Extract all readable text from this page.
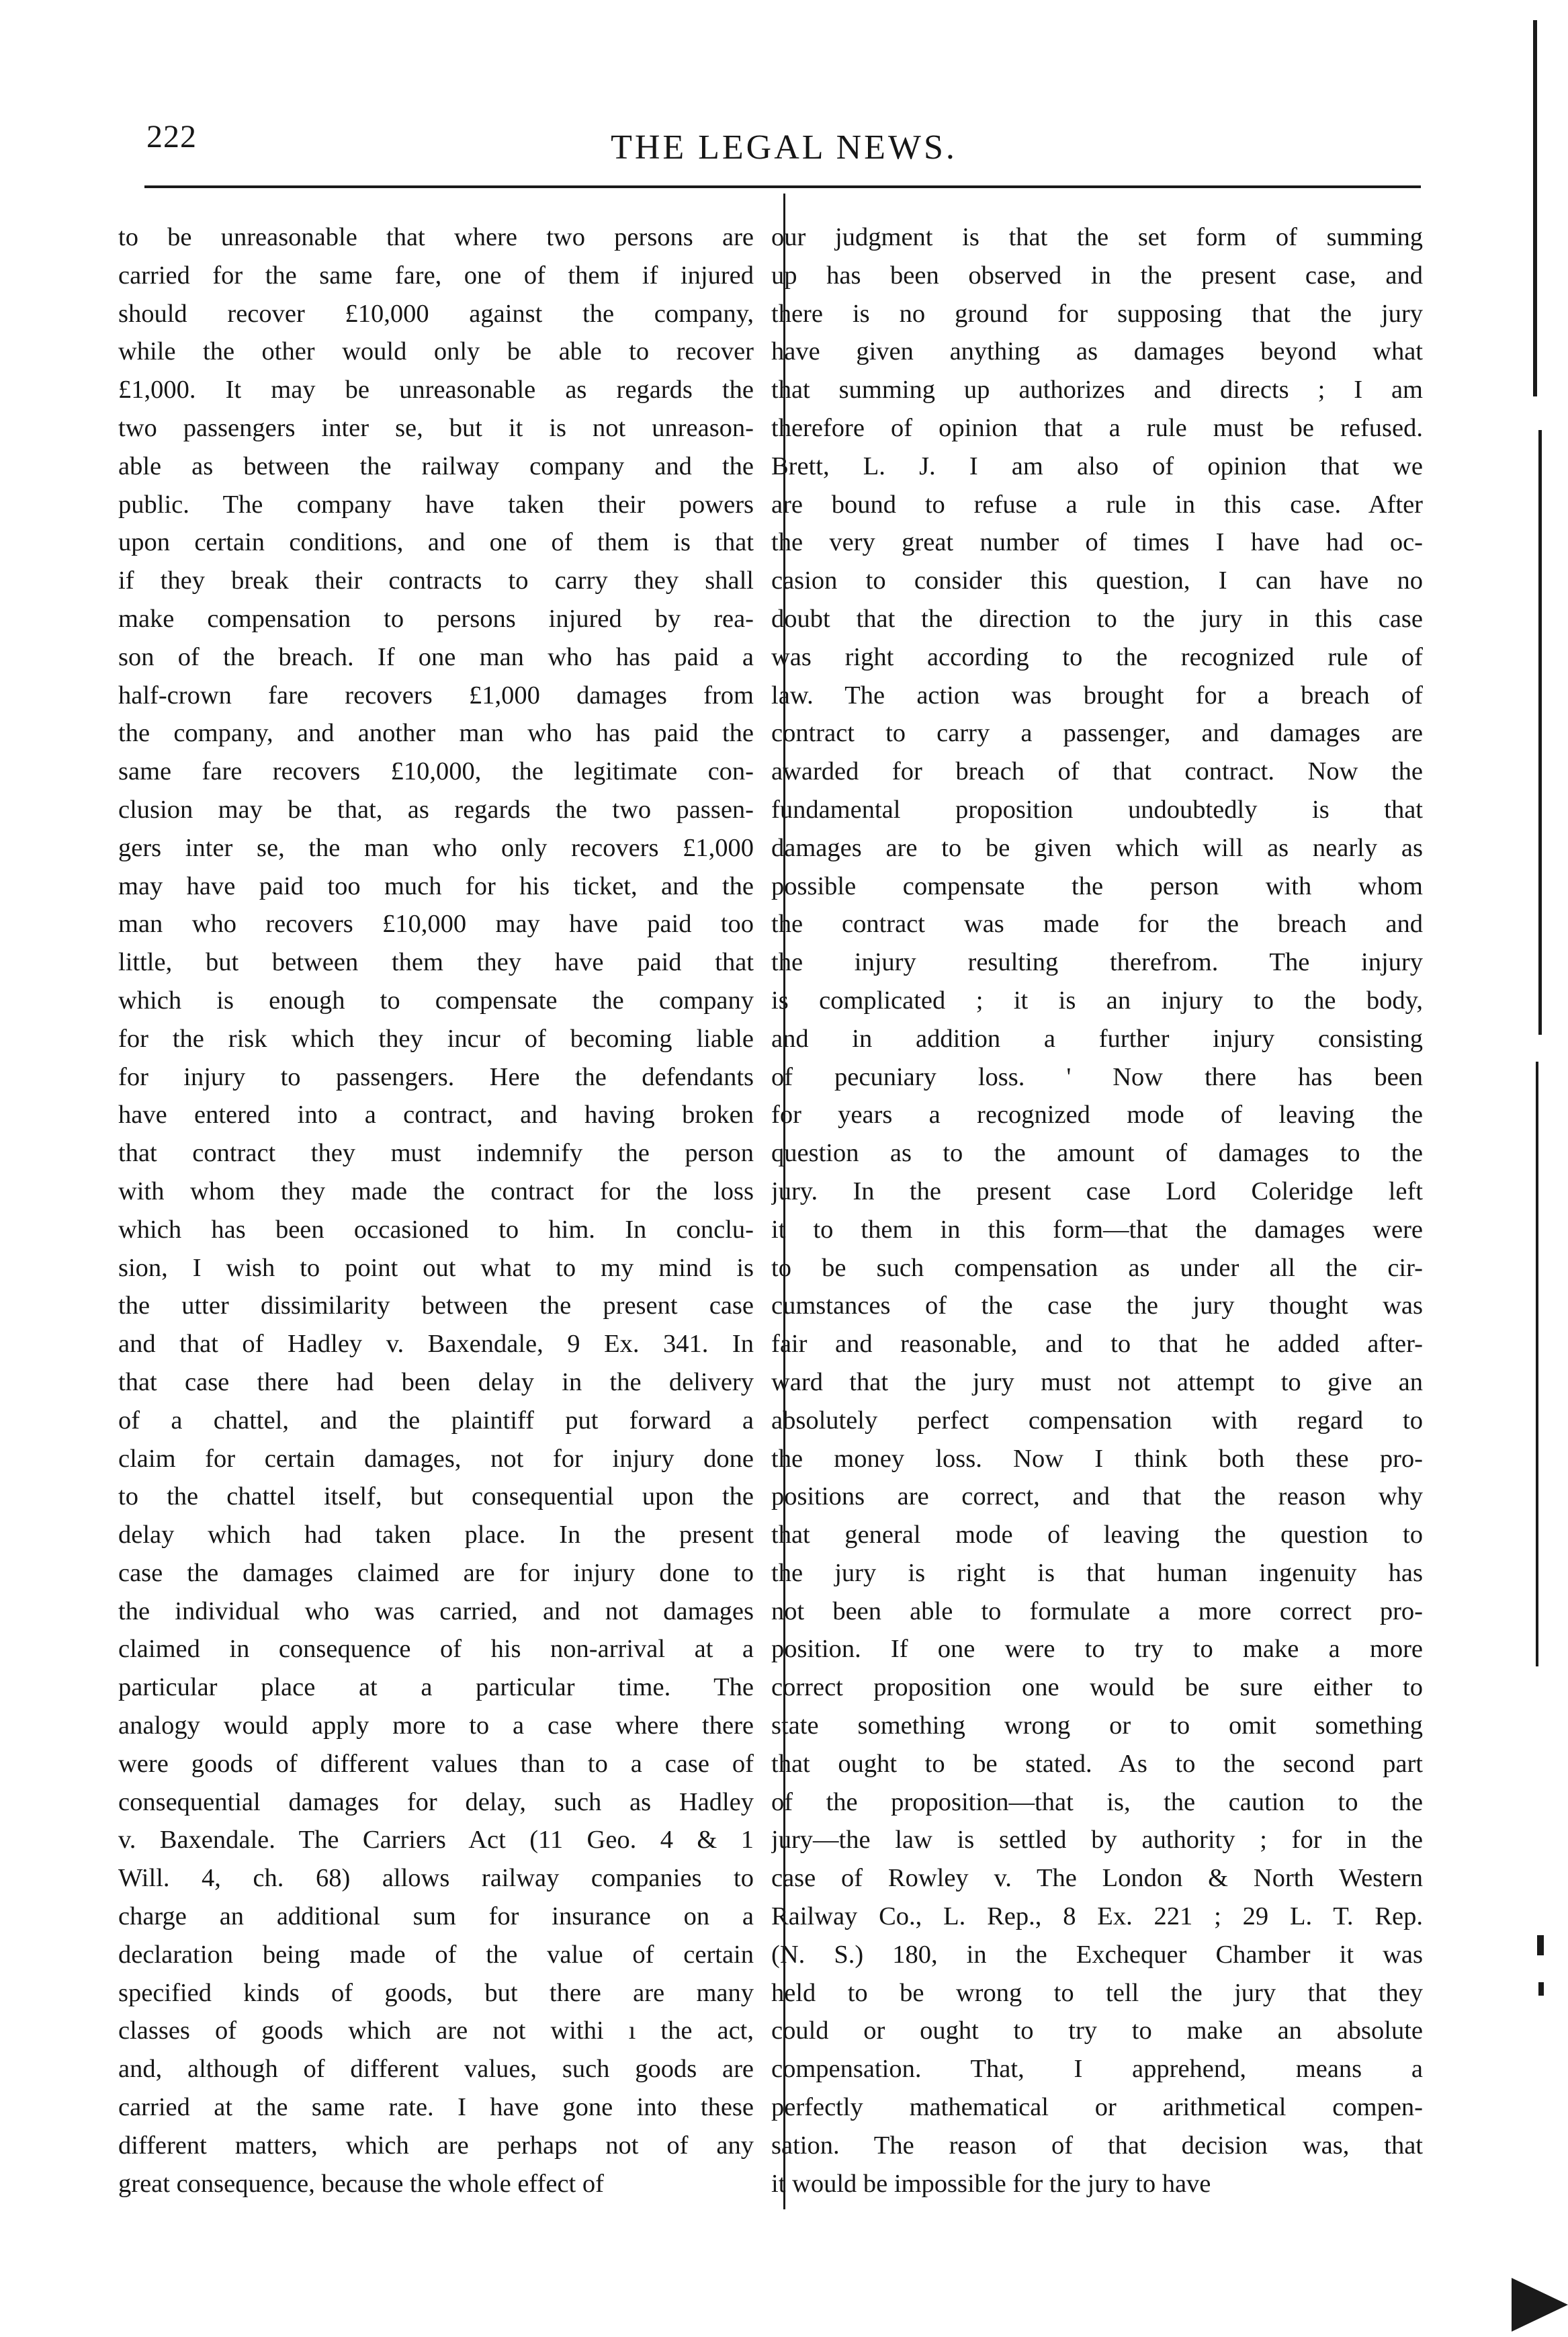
222	THE LEGAL NEWS.
to be unreasonable that where two persons are
carried for the same fare, one of them if injured
should recover £10,000 against the company,
while the other would only be able to recover
£1,000. It may be unreasonable as regards the
two passengers inter se, but it is not unreason-
able as between the railway company and the
public. The company have taken their powers
upon certain conditions, and one of them is that
if they break their contracts to carry they shall
make compensation to persons injured by rea-
son of the breach. If one man who has paid a
half-crown fare recovers £1,000 damages from
the company, and another man who has paid the
same fare recovers £10,000, the legitimate con-
clusion may be that, as regards the two passen-
gers inter se, the man who only recovers £1,000
may have paid too much for his ticket, and the
man who recovers £10,000 may have paid too
little, but between them they have paid that
which is enough to compensate the company
for the risk which they incur of becoming liable
for injury to passengers. Here the defendants
have entered into a contract, and having broken
that contract they must indemnify the person
with whom they made the contract for the loss
which has been occasioned to him. In conclu-
sion, I wish to point out what to my mind is
the utter dissimilarity between the present case
and that of Hadley v. Baxendale, 9 Ex. 341. In
that case there had been delay in the delivery
of a chattel, and the plaintiff put forward a
claim for certain damages, not for injury done
to the chattel itself, but consequential upon the
delay which had taken place. In the present
case the damages claimed are for injury done to
the individual who was carried, and not damages
claimed in consequence of his non-arrival at a
particular place at a particular time. The
analogy would apply more to a case where there
were goods of different values than to a case of
consequential damages for delay, such as Hadley
v. Baxendale. The Carriers Act (11 Geo. 4 & 1
Will. 4, ch. 68) allows railway companies to
charge an additional sum for insurance on a
declaration being made of the value of certain
specified kinds of goods, but there are many
classes of goods which are not withi ı the act,
and, although of different values, such goods are
carried at the same rate. I have gone into these
different matters, which are perhaps not of any
great consequence, because the whole effect of
our judgment is that the set form of summing
up has been observed in the present case, and
there is no ground for supposing that the jury
have given anything as damages beyond what
that summing up authorizes and directs ; I am
therefore of opinion that a rule must be refused.
Brett, L. J. I am also of opinion that we
are bound to refuse a rule in this case. After
the very great number of times I have had oc-
casion to consider this question, I can have no
doubt that the direction to the jury in this case
was right according to the recognized rule of
law. The action was brought for a breach of
contract to carry a passenger, and damages are
awarded for breach of that contract. Now the
fundamental proposition undoubtedly is that
damages are to be given which will as nearly as
possible compensate the person with whom
the contract was made for the breach and
the injury resulting therefrom. The injury
is complicated ; it is an injury to the body,
and in addition a further injury consisting
of pecuniary loss. ' Now there has been
for years a recognized mode of leaving the
question as to the amount of damages to the
jury. In the present case Lord Coleridge left
it to them in this form—that the damages were
to be such compensation as under all the cir-
cumstances of the case the jury thought was
fair and reasonable, and to that he added after-
ward that the jury must not attempt to give an
absolutely perfect compensation with regard to
the money loss. Now I think both these pro-
positions are correct, and that the reason why
that general mode of leaving the question to
the jury is right is that human ingenuity has
not been able to formulate a more correct pro-
position. If one were to try to make a more
correct proposition one would be sure either to
state something wrong or to omit something
that ought to be stated. As to the second part
of the proposition—that is, the caution to the
jury—the law is settled by authority ; for in the
case of Rowley v. The London & North Western
Railway Co., L. Rep., 8 Ex. 221 ; 29 L. T. Rep.
(N. S.) 180, in the Exchequer Chamber it was
held to be wrong to tell the jury that they
could or ought to try to make an absolute
compensation. That, I apprehend, means a
perfectly mathematical or arithmetical compen-
sation. The reason of that decision was, that
it would be impossible for the jury to have
